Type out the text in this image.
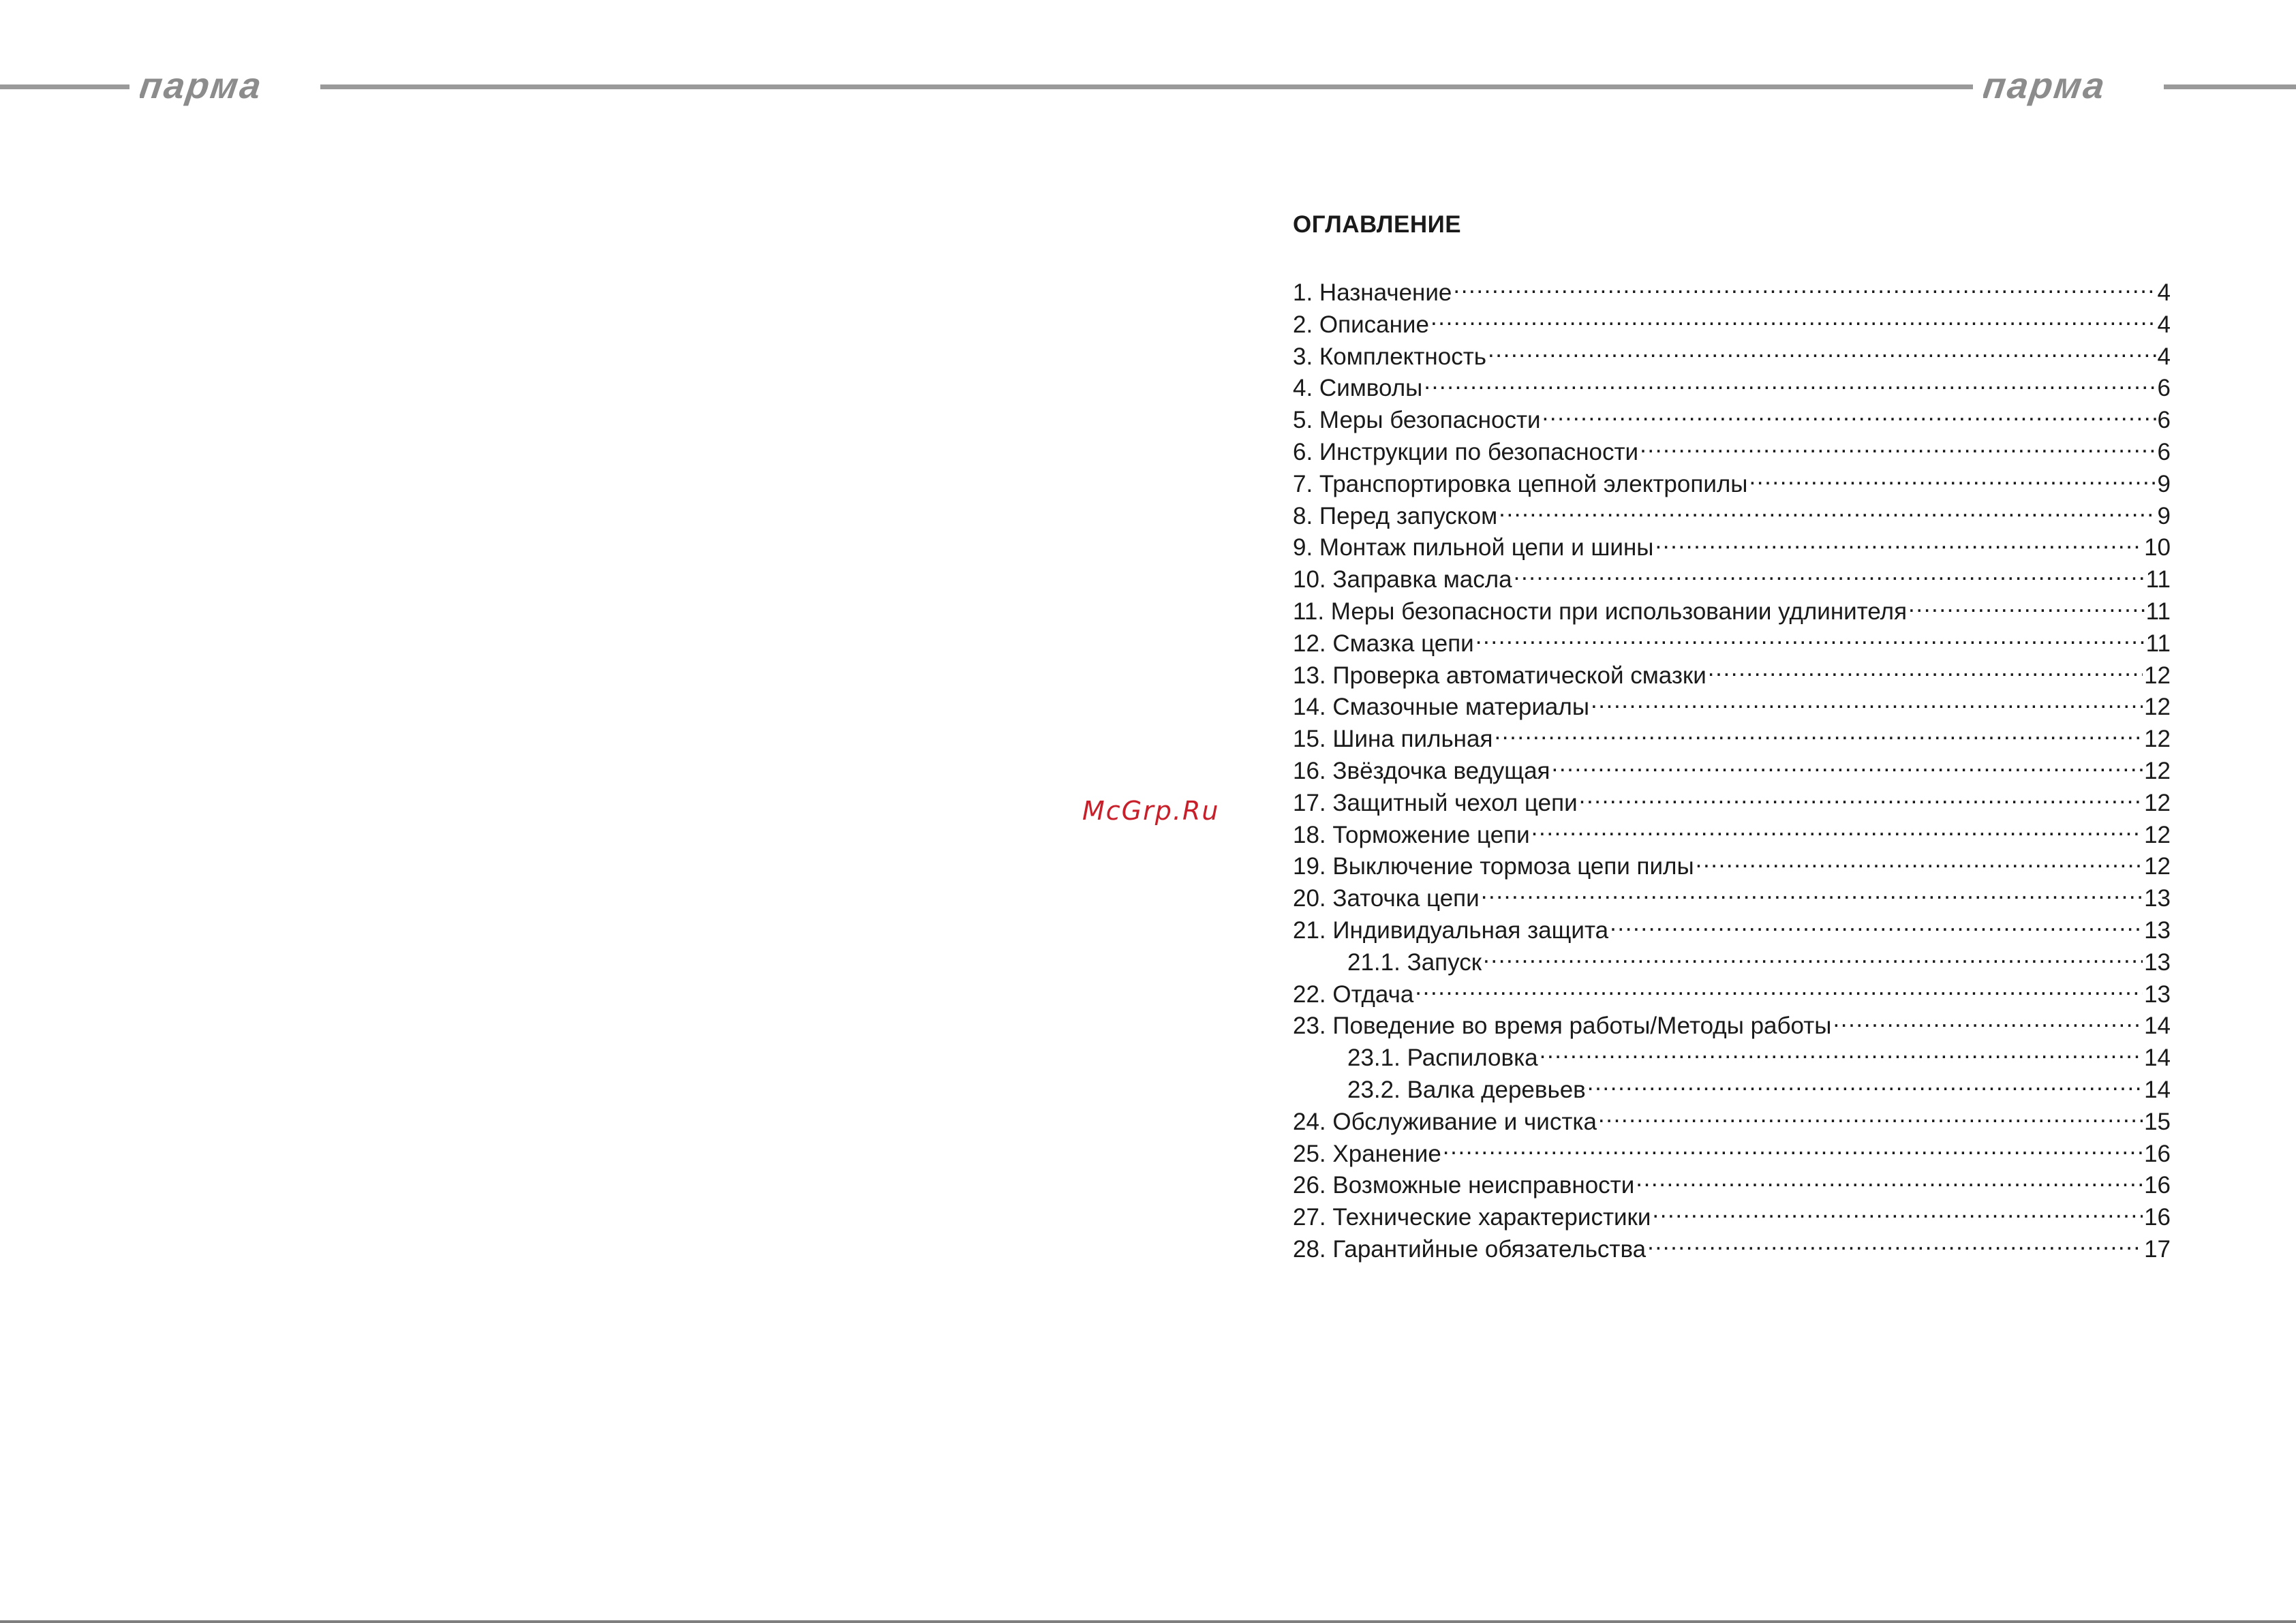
парма	парма
McGrp.Ru
ОГЛАВЛЕНИЕ
1. Назначение .....	4
2. Описание .....	4
3. Комплектность .....	4
4. Символы .....	6
5. Меры безопасности .....	6
6. Инструкции по безопасности .....	6
7. Транспортировка цепной электропилы .....	9
8. Перед запуском .....	9
9. Монтаж пильной цепи и шины .....	10
10. Заправка масла .....	11
11. Меры безопасности при использовании удлинителя .....	11
12. Смазка цепи .....	11
13. Проверка автоматической смазки .....	12
14. Смазочные материалы .....	12
15. Шина пильная .....	12
16. Звёздочка ведущая .....	12
17. Защитный чехол цепи .....	12
18. Торможение цепи .....	12
19. Выключение тормоза цепи пилы .....	12
20. Заточка цепи .....	13
21. Индивидуальная защита .....	13
21.1. Запуск .....	13
22. Отдача .....	13
23. Поведение во время работы/Методы работы .....	14
23.1. Распиловка .....	14
23.2. Валка деревьев .....	14
24. Обслуживание и чистка .....	15
25. Хранение .....	16
26. Возможные неисправности .....	16
27. Технические характеристики .....	16
28. Гарантийные обязательства .....	17
